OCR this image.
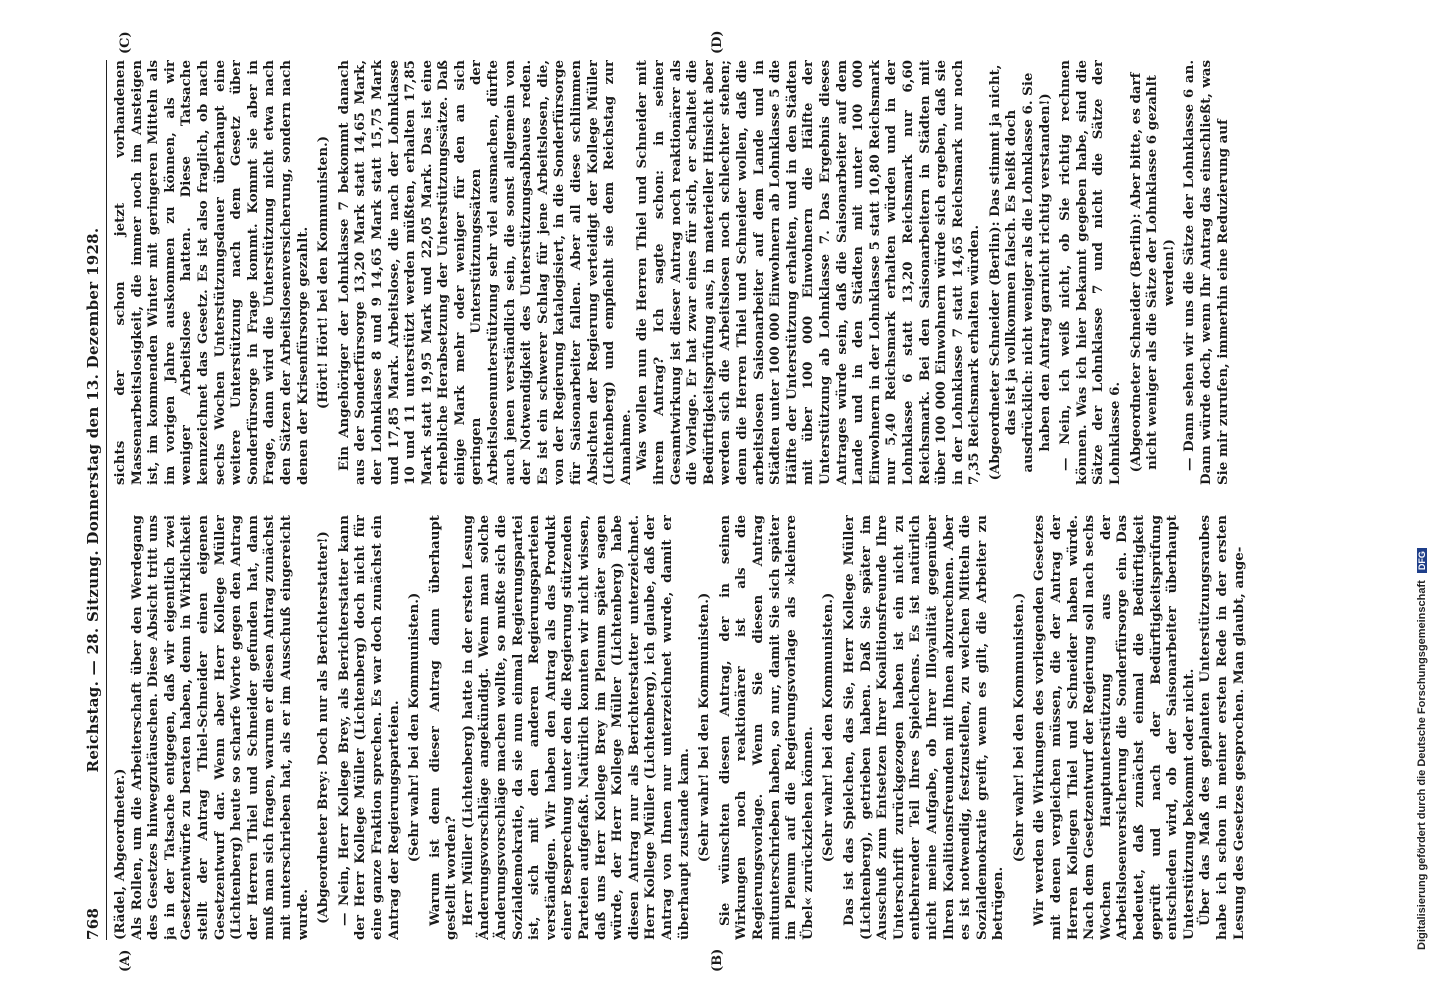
768
Reichstag. — 28. Sitzung. Donnerstag den 13. Dezember 1928.
(A)	(B)
(C)	(D)

(Rädel, Abgeordneter.) Als Rollen, um die Arbeiterschaft über den Werdegang des Gesetzes hinwegzutäuschen. Diese Absicht tritt uns ja in der Tatsache entgegen, daß wir eigentlich zwei Gesetzentwürfe zu beraten haben, denn in Wirklichkeit stellt der Antrag Thiel-Schneider einen eigenen Gesetzentwurf dar. Wenn aber Herr Kollege Müller (Lichtenberg) heute so scharfe Worte gegen den Antrag der Herren Thiel und Schneider gefunden hat, dann muß man sich fragen, warum er diesen Antrag zunächst mit unterschrieben hat, als er im Ausschuß eingereicht wurde. (Abgeordneter Brey: Doch nur als Berichterstatter!) — Nein, Herr Kollege Brey, als Berichterstatter kann der Herr Kollege Müller (Lichtenberg) doch nicht für eine ganze Fraktion sprechen. Es war doch zunächst ein Antrag der Regierungsparteien. (Sehr wahr! bei den Kommunisten.) Warum ist denn dieser Antrag dann überhaupt gestellt worden? Herr Müller (Lichtenberg) hatte in der ersten Lesung Änderungsvorschläge angekündigt. Wenn man solche Änderungsvorschläge machen wollte, so mußte sich die Sozialdemokratie, da sie nun einmal Regierungspartei ist, sich mit den anderen Regierungsparteien verständigen. Wir haben den Antrag als das Produkt einer Besprechung unter den die Regierung stützenden Parteien aufgefaßt. Natürlich konnten wir nicht wissen, daß uns Herr Kollege Brey im Plenum später sagen würde, der Herr Kollege Müller (Lichtenberg) habe diesen Antrag nur als Berichterstatter unterzeichnet. Herr Kollege Müller (Lichtenberg), ich glaube, daß der Antrag von Ihnen nur unterzeichnet wurde, damit er überhaupt zustande kam. (Sehr wahr! bei den Kommunisten.) Sie wünschten diesen Antrag, der in seinen Wirkungen noch reaktionärer ist als die Regierungsvorlage. Wenn Sie diesen Antrag mitunterschrieben haben, so nur, damit Sie sich später im Plenum auf die Regierungsvorlage als »kleinere Übel« zurückziehen können. (Sehr wahr! bei den Kommunisten.) Das ist das Spielchen, das Sie, Herr Kollege Müller (Lichtenberg), getrieben haben. Daß Sie später im Ausschuß zum Entsetzen Ihrer Koalitionsfreunde Ihre Unterschrift zurückgezogen haben ist ein nicht zu entbehrender Teil Ihres Spielchens. Es ist natürlich nicht meine Aufgabe, ob Ihrer Illoyalität gegenüber Ihren Koalitionsfreunden mit Ihnen abzurechnen. Aber es ist notwendig, festzustellen, zu welchen Mitteln die Sozialdemokratie greift, wenn es gilt, die Arbeiter zu betrügen.

(Sehr wahr! bei den Kommunisten.) Wir werden die Wirkungen des vorliegenden Gesetzes mit denen vergleichen müssen, die der Antrag der Herren Kollegen Thiel und Schneider haben würde. Nach dem Gesetzentwurf der Regierung soll nach sechs Wochen Hauptunterstützung aus der Arbeitslosenversicherung die Sonderfürsorge ein. Das bedeutet, daß zunächst einmal die Bedürftigkeit geprüft und nach der Bedürftigkeitsprüfung entschieden wird, ob der Saisonarbeiter überhaupt Unterstützung bekommt oder nicht. Über das Maß des geplanten Unterstützungsraubes habe ich schon in meiner ersten Rede in der ersten Lesung des Gesetzes gesprochen. Man glaubt, ange-

sichts der schon jetzt vorhandenen Massenarbeitslosigkeit, die immer noch im Ansteigen ist, im kommenden Winter mit geringeren Mitteln als im vorigen Jahre auskommen zu können, als wir weniger Arbeitslose hatten. Diese Tatsache kennzeichnet das Gesetz. Es ist also fraglich, ob nach sechs Wochen Unterstützungsdauer überhaupt eine weitere Unterstützung nach dem Gesetz über Sonderfürsorge in Frage kommt. Kommt sie aber in Frage, dann wird die Unterstützung nicht etwa nach den Sätzen der Arbeitslosenversicherung, sondern nach denen der Krisenfürsorge gezahlt. (Hört! Hört! bei den Kommunisten.) Ein Angehöriger der Lohnklasse 7 bekommt danach aus der Sonderfürsorge 13,20 Mark statt 14,65 Mark, der Lohnklasse 8 und 9 14,65 Mark statt 15,75 Mark und 17,85 Mark. Arbeitslose, die nach der Lohnklasse 10 und 11 unterstützt werden müßten, erhalten 17,85 Mark statt 19,95 Mark und 22,05 Mark. Das ist eine erhebliche Herabsetzung der Unterstützungssätze. Daß einige Mark mehr oder weniger für den an sich geringen Unterstützungssätzen der Arbeitslosenunterstützung sehr viel ausmachen, dürfte auch jenen verständlich sein, die sonst allgemein von der Notwendigkeit des Unterstützungsabbaues reden. Es ist ein schwerer Schlag für jene Arbeitslosen, die, von der Regierung katalogisiert, in die Sonderfürsorge für Saisonarbeiter fallen. Aber all diese schlimmen Absichten der Regierung verteidigt der Kollege Müller (Lichtenberg) und empfiehlt sie dem Reichstag zur Annahme. Was wollen nun die Herren Thiel und Schneider mit ihrem Antrag? Ich sagte schon: in seiner Gesamtwirkung ist dieser Antrag noch reaktionärer als die Vorlage. Er hat zwar eines für sich, er schaltet die Bedürftigkeitsprüfung aus, in materieller Hinsicht aber werden sich die Arbeitslosen noch schlechter stehen; denn die Herren Thiel und Schneider wollen, daß die arbeitslosen Saisonarbeiter auf dem Lande und in Städten unter 100 000 Einwohnern ab Lohnklasse 5 die Hälfte der Unterstützung erhalten, und in den Städten mit über 100 000 Einwohnern die Hälfte der Unterstützung ab Lohnklasse 7. Das Ergebnis dieses Antrages würde sein, daß die Saisonarbeiter auf dem Lande und in den Städten mit unter 100 000 Einwohnern in der Lohnklasse 5 statt 10,80 Reichsmark nur 5,40 Reichsmark erhalten würden und in der Lohnklasse 6 statt 13,20 Reichsmark nur 6,60 Reichsmark. Bei den Saisonarbeitern in Städten mit über 100 000 Einwohnern würde sich ergeben, daß sie in der Lohnklasse 7 statt 14,65 Reichsmark nur noch 7,35 Reichsmark erhalten würden. (Abgeordneter Schneider (Berlin): Das stimmt ja nicht, das ist ja vollkommen falsch. Es heißt doch ausdrücklich: nicht weniger als die Lohnklasse 6. Sie haben den Antrag garnicht richtig verstanden!) — Nein, ich weiß nicht, ob Sie richtig rechnen können. Was ich hier bekannt gegeben habe, sind die Sätze der Lohnklasse 7 und nicht die Sätze der Lohnklasse 6. (Abgeordneter Schneider (Berlin): Aber bitte, es darf nicht weniger als die Sätze der Lohnklasse 6 gezahlt werden!) — Dann sehen wir uns die Sätze der Lohnklasse 6 an. Dann würde doch, wenn Ihr Antrag das einschließt, was Sie mir zurufen, immerhin eine Reduzierung auf

Digitalisierung gefördert durch die Deutsche Forschungsgemeinschaft DFG
